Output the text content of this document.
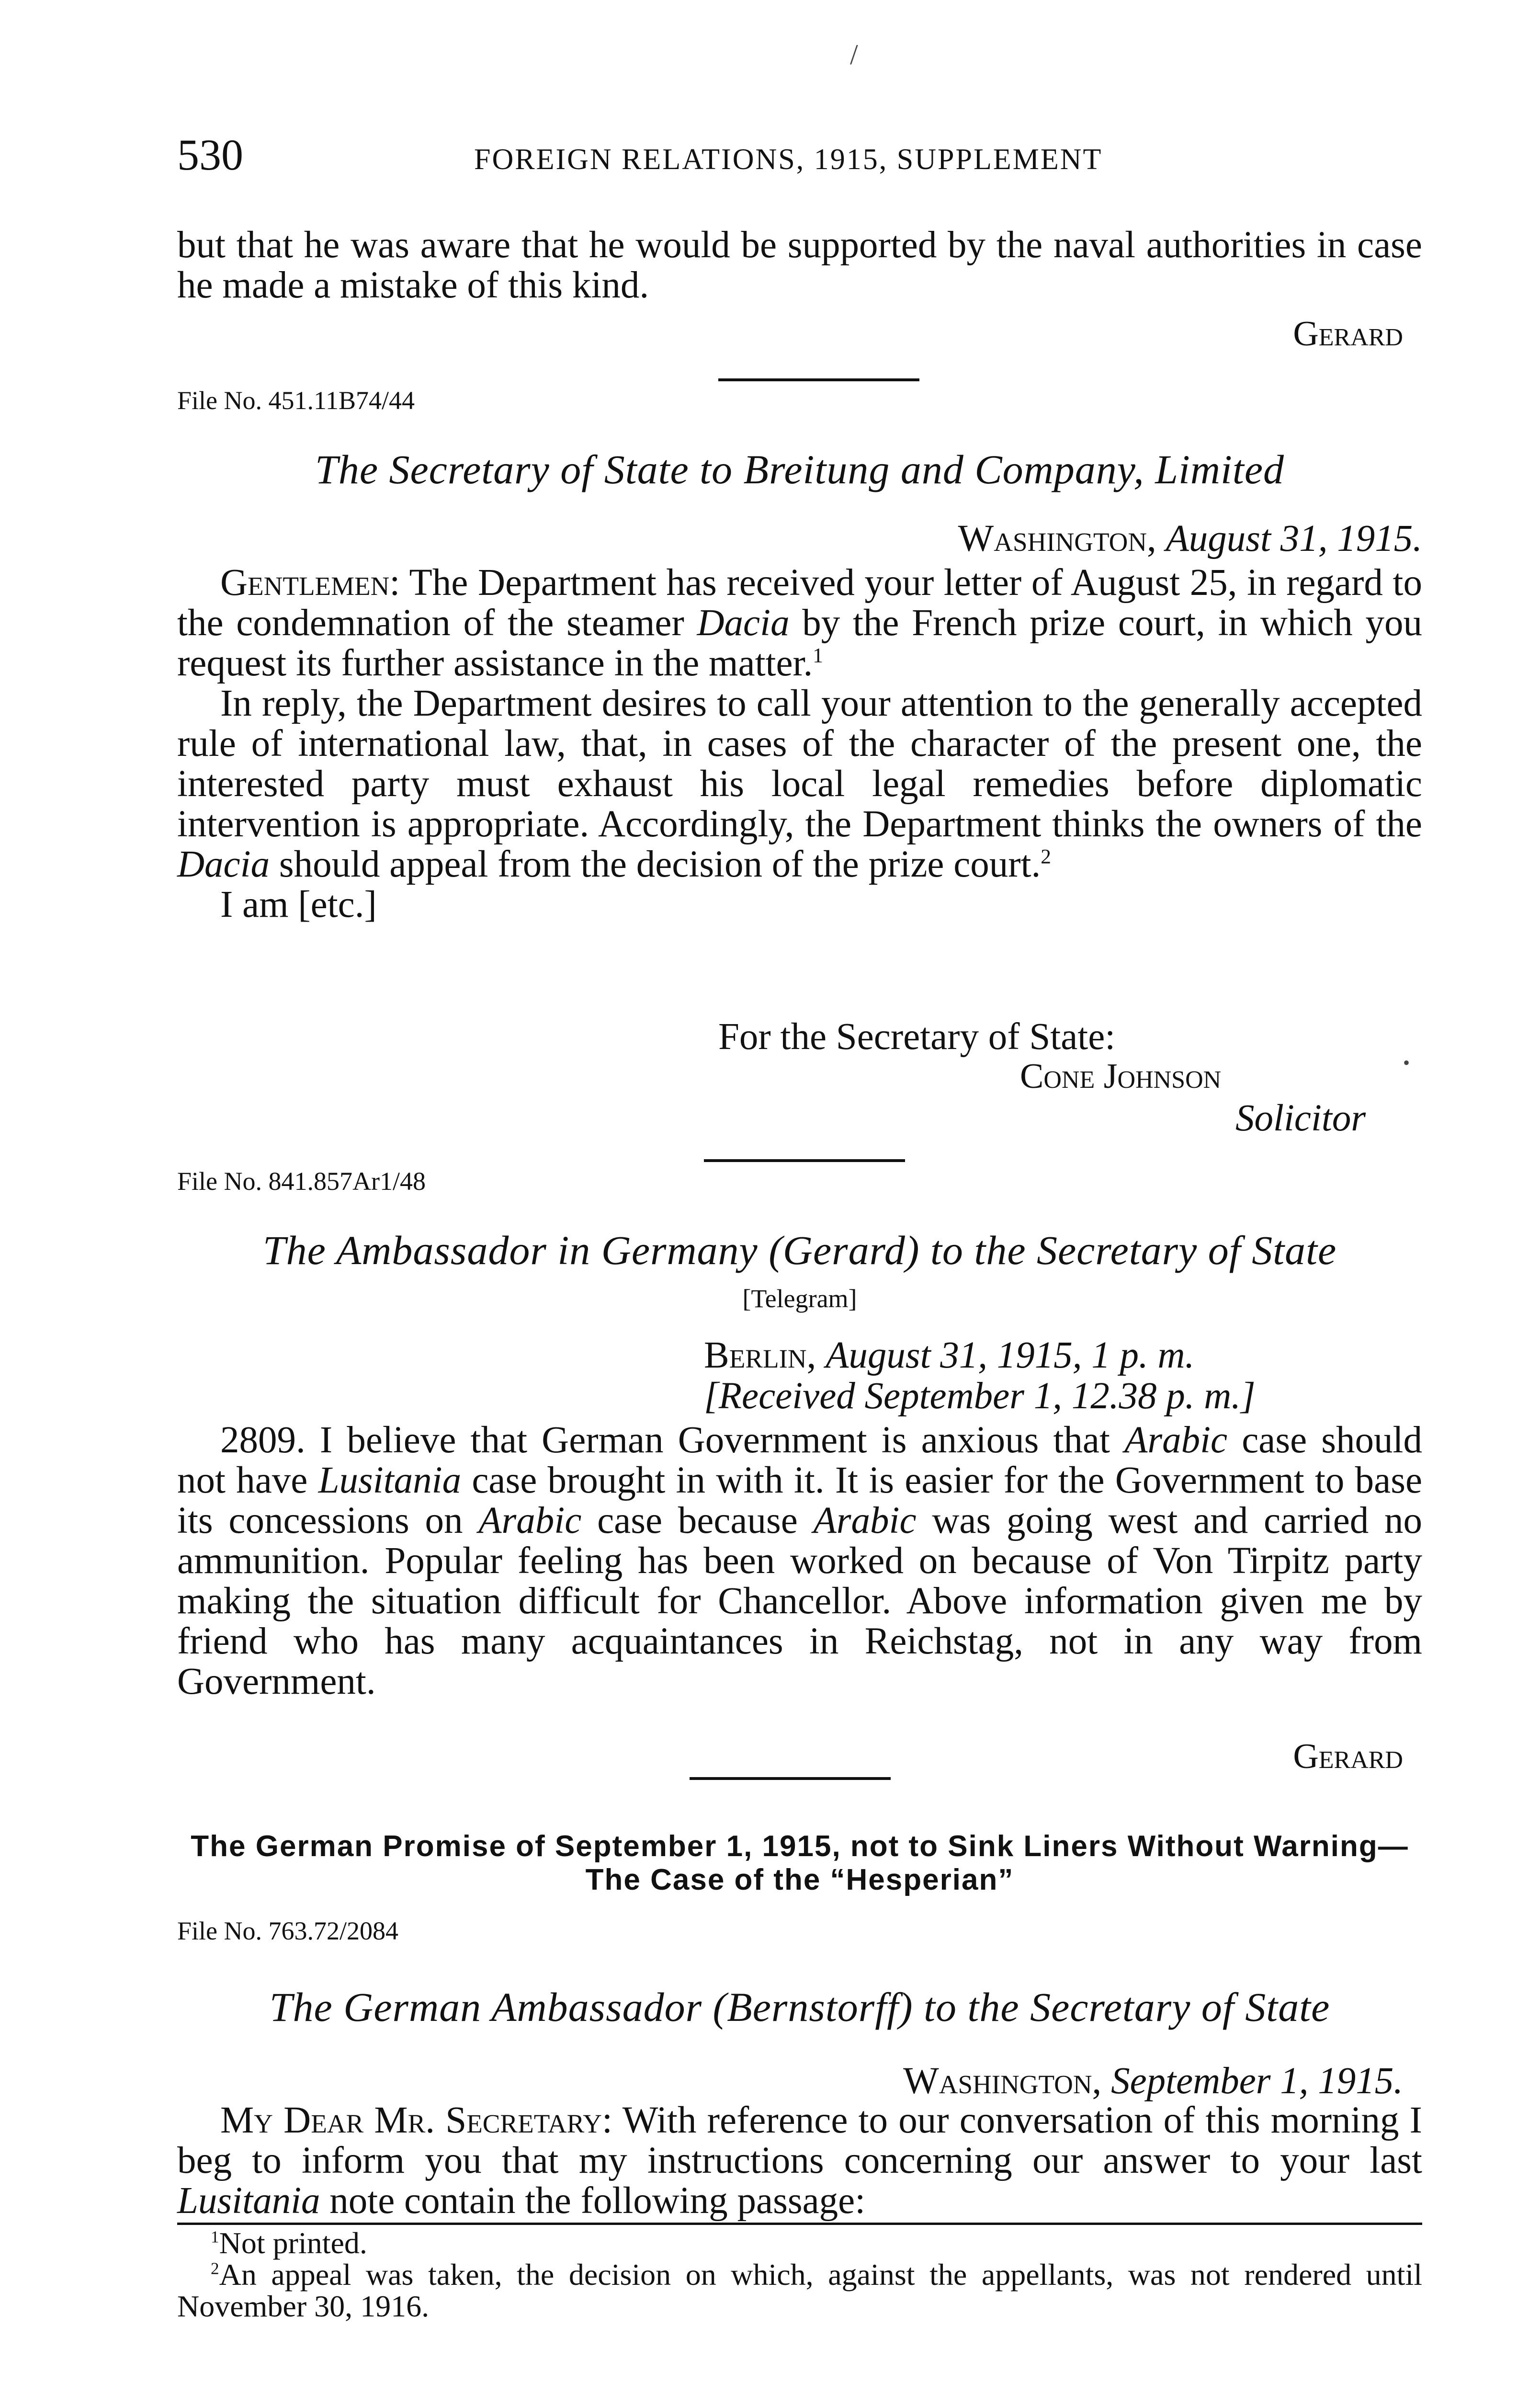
/
530	FOREIGN RELATIONS, 1915, SUPPLEMENT

but that he was aware that he would be supported by the naval authorities in case he made a mistake of this kind.

Gerard
File No. 451.11B74/44
The Secretary of State to Breitung and Company, Limited
Washington, August 31, 1915.

Gentlemen: The Department has received your letter of August 25, in regard to the condemnation of the steamer Dacia by the French prize court, in which you request its further assistance in the matter.$^1$

In reply, the Department desires to call your attention to the generally accepted rule of international law, that, in cases of the character of the present one, the interested party must exhaust his local legal remedies before diplomatic intervention is appropriate. Accordingly, the Department thinks the owners of the Dacia should appeal from the decision of the prize court.$^2$

I am [etc.]

For the Secretary of State:
Cone Johnson	•
Solicitor
File No. 841.857Ar1/48
The Ambassador in Germany (Gerard) to the Secretary of State
[Telegram]
Berlin, August 31, 1915, 1 p. m.
[Received September 1, 12.38 p. m.]

2809. I believe that German Government is anxious that Arabic case should not have Lusitania case brought in with it. It is easier for the Government to base its concessions on Arabic case because Arabic was going west and carried no ammunition. Popular feeling has been worked on because of Von Tirpitz party making the situation difficult for Chancellor. Above information given me by friend who has many acquaintances in Reichstag, not in any way from Government.

Gerard
The German Promise of September 1, 1915, not to Sink Liners Without Warning—The Case of the “Hesperian”
File No. 763.72/2084
The German Ambassador (Bernstorff) to the Secretary of State
Washington, September 1, 1915.

My Dear Mr. Secretary: With reference to our conversation of this morning I beg to inform you that my instructions concerning our answer to your last Lusitania note contain the following passage:

$^1$Not printed.

$^2$An appeal was taken, the decision on which, against the appellants, was not rendered until November 30, 1916.
